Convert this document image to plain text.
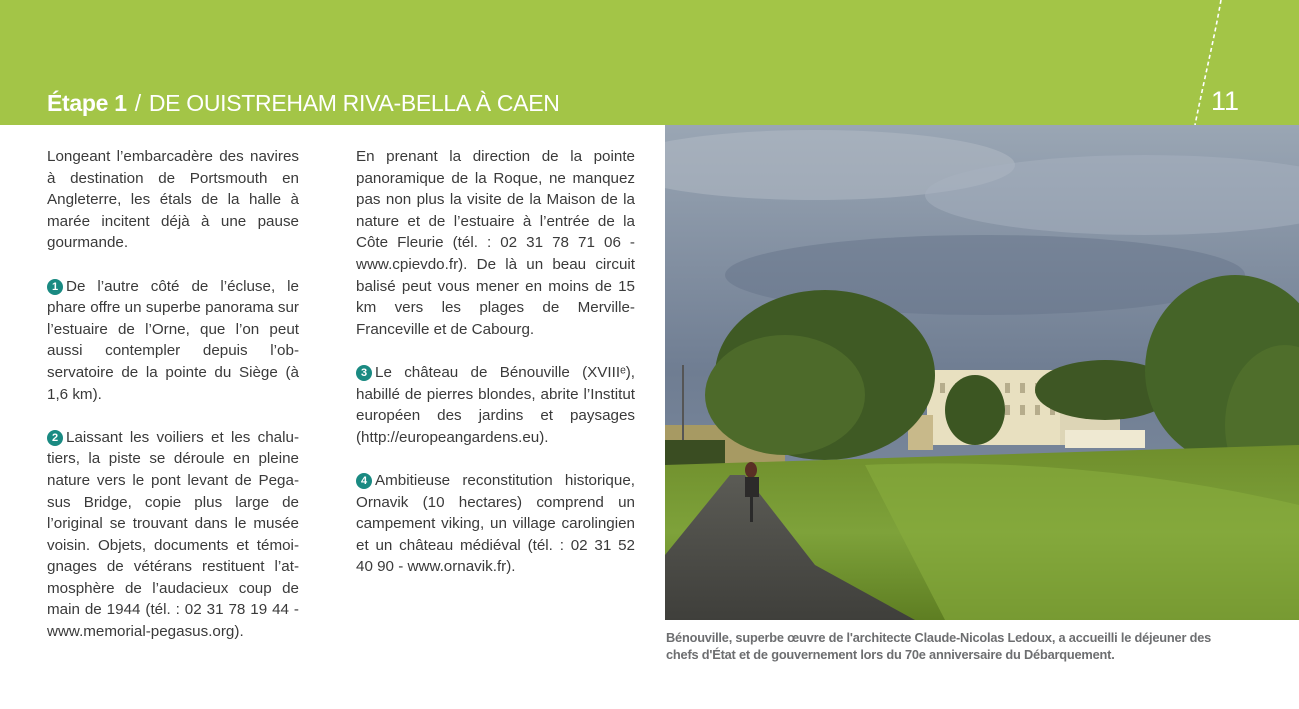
Étape 1 / DE OUISTREHAM RIVA-BELLA À CAEN	11

Longeant l’embarcadère des navires à destination de Portsmouth en Angleterre, les étals de la halle à marée incitent déjà à une pause gourmande.

1 De l’autre côté de l’écluse, le phare offre un superbe panorama sur l’estuaire de l’Orne, que l’on peut aussi contempler depuis l’observatoire de la pointe du Siège (à 1,6 km).

2 Laissant les voiliers et les chalutiers, la piste se déroule en pleine nature vers le pont levant de Pegasus Bridge, copie plus large de l’original se trouvant dans le musée voisin. Objets, documents et témoignages de vétérans restituent l’atmosphère de l’audacieux coup de main de 1944 (tél. : 02 31 78 19 44 - www.memorial-pegasus.org).

En prenant la direction de la pointe panoramique de la Roque, ne manquez pas non plus la visite de la Maison de la nature et de l’estuaire à l’entrée de la Côte Fleurie (tél. : 02 31 78 71 06 - www.cpievdo.fr). De là un beau circuit balisé peut vous mener en moins de 15 km vers les plages de Merville-Franceville et de Cabourg.

3 Le château de Bénouville (XVIIIᵉ), habillé de pierres blondes, abrite l’Institut européen des jardins et paysages (http://europeangardens.eu).

4 Ambitieuse reconstitution historique, Ornavik (10 hectares) comprend un campement viking, un village carolingien et un château médiéval (tél. : 02 31 52 40 90 - www.ornavik.fr).

Bénouville, superbe œuvre de l'architecte Claude-Nicolas Ledoux, a accueilli le déjeuner des chefs d'État et de gouvernement lors du 70e anniversaire du Débarquement.
